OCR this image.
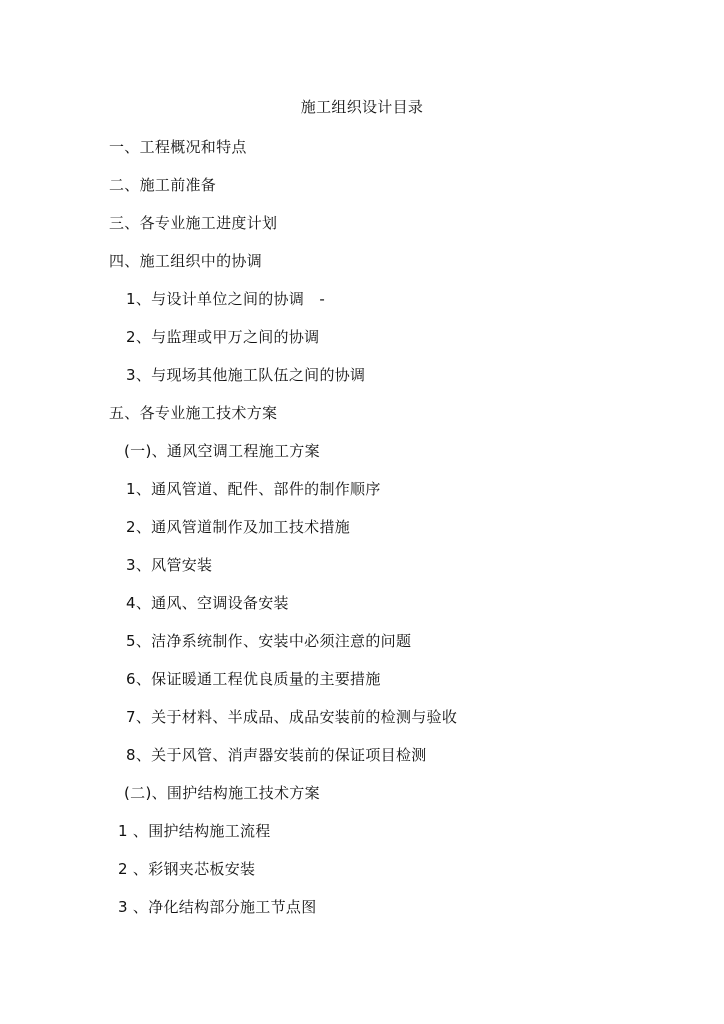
施工组织设计目录
一、工程概况和特点
二、施工前准备
三、各专业施工进度计划
四、施工组织中的协调
1、与设计单位之间的协调   -
2、与监理或甲万之间的协调
3、与现场其他施工队伍之间的协调
五、各专业施工技术方案
(一)、通风空调工程施工方案
1、通风管道、配件、部件的制作顺序
2、通风管道制作及加工技术措施
3、风管安装
4、通风、空调设备安装
5、洁净系统制作、安装中必须注意的问题
6、保证暖通工程优良质量的主要措施
7、关于材料、半成品、成品安装前的检测与验收
8、关于风管、消声器安装前的保证项目检测
(二)、围护结构施工技术方案
1 、围护结构施工流程
2 、彩钢夹芯板安装
3 、净化结构部分施工节点图
